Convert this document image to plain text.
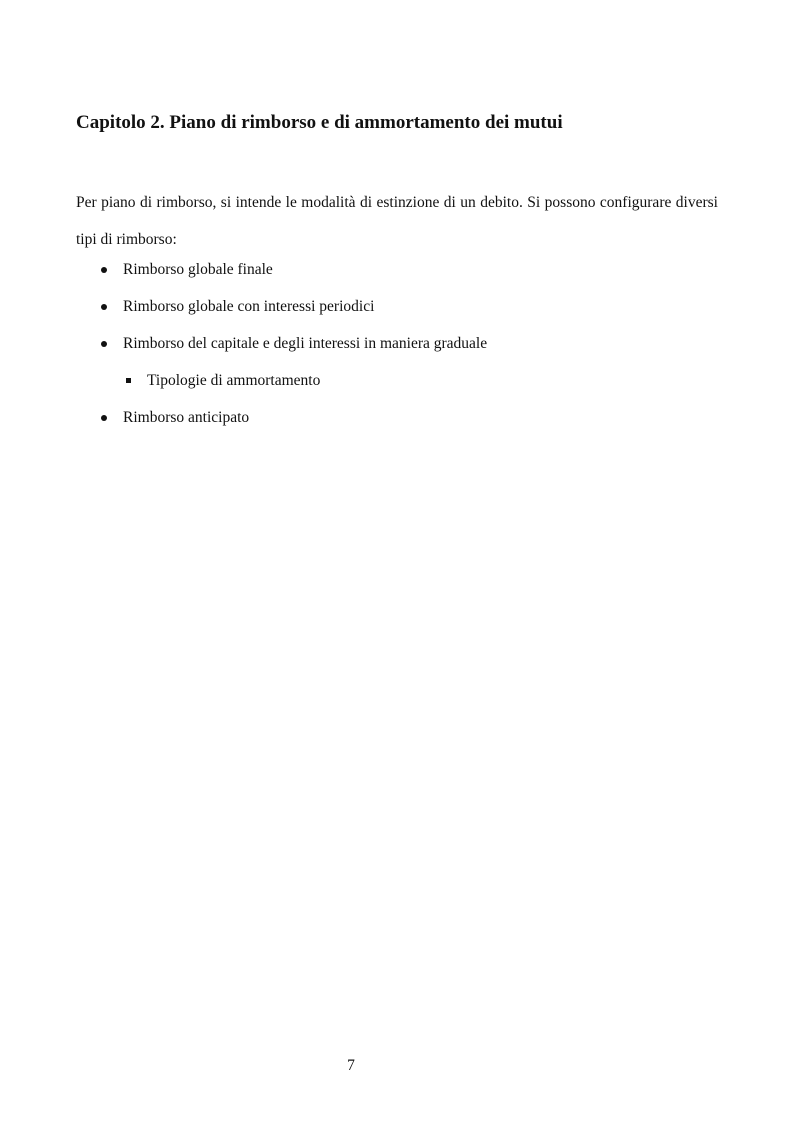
Capitolo 2. Piano di rimborso e di ammortamento dei mutui

Per piano di rimborso, si intende le modalità di estinzione di un debito. Si possono configurare diversi tipi di rimborso:

Rimborso globale finale
Rimborso globale con interessi periodici
Rimborso del capitale e degli interessi in maniera graduale
Tipologie di ammortamento
Rimborso anticipato
7
